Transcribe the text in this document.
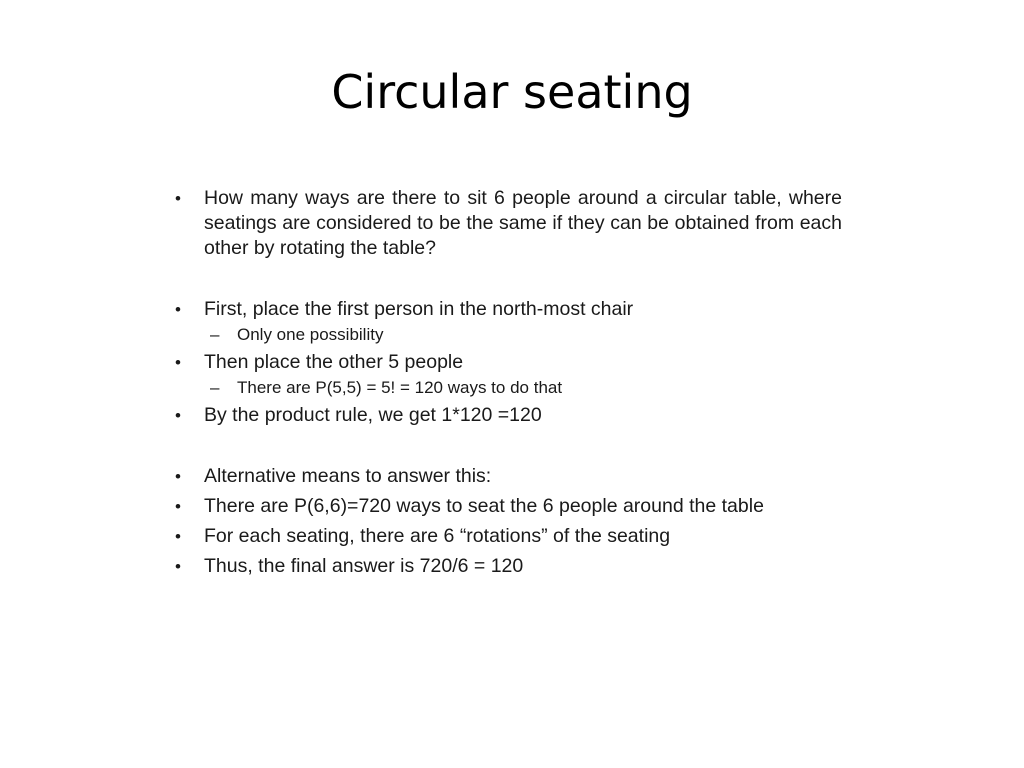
Circular seating
• How many ways are there to sit 6 people around a circular table, where seatings are considered to be the same if they can be obtained from each other by rotating the table?
• First, place the first person in the north-most chair
– Only one possibility
• Then place the other 5 people
– There are P(5,5) = 5! = 120 ways to do that
• By the product rule, we get 1*120 =120
• Alternative means to answer this:
• There are P(6,6)=720 ways to seat the 6 people around the table
• For each seating, there are 6 “rotations” of the seating
• Thus, the final answer is 720/6 = 120
